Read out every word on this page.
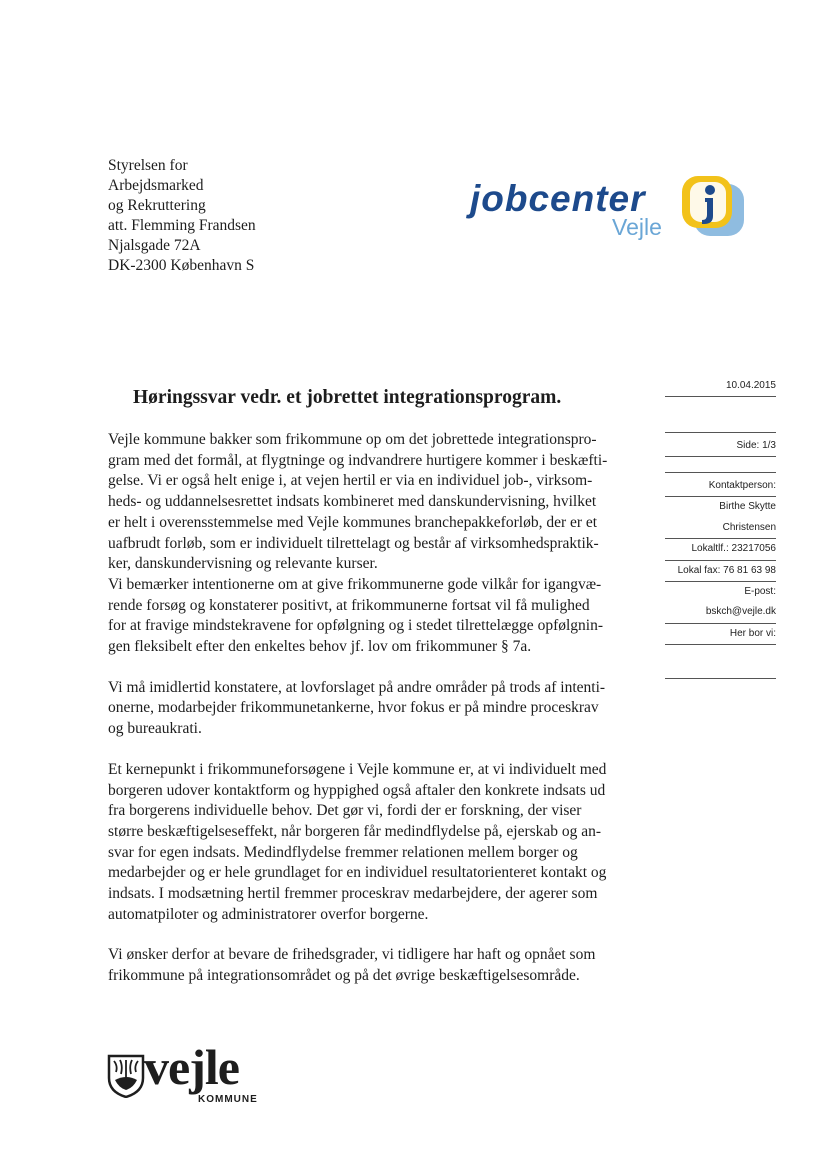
Styrelsen for
Arbejdsmarked
og Rekruttering
att. Flemming Frandsen
Njalsgade 72A
DK-2300 København S
jobcenter
Vejle
Høringssvar vedr. et jobrettet integrationsprogram.

Vejle kommune bakker som frikommune op om det jobrettede integrationspro-
gram med det formål, at flygtninge og indvandrere hurtigere kommer i beskæfti-
gelse. Vi er også helt enige i, at vejen hertil er via en individuel job-, virksom-
heds- og uddannelsesrettet indsats kombineret med danskundervisning, hvilket
er helt i overensstemmelse med Vejle kommunes branchepakkeforløb, der er et
uafbrudt forløb, som er individuelt tilrettelagt og består af virksomhedspraktik-
ker, danskundervisning og relevante kurser.

Vi bemærker intentionerne om at give frikommunerne gode vilkår for igangvæ-
rende forsøg og konstaterer positivt, at frikommunerne fortsat vil få mulighed
for at fravige mindstekravene for opfølgning og i stedet tilrettelægge opfølgnin-
gen fleksibelt efter den enkeltes behov jf. lov om frikommuner § 7a.

Vi må imidlertid konstatere, at lovforslaget på andre områder på trods af intenti-
onerne, modarbejder frikommunetankerne, hvor fokus er på mindre proceskrav
og bureaukrati.

Et kernepunkt i frikommuneforsøgene i Vejle kommune er, at vi individuelt med
borgeren udover kontaktform og hyppighed også aftaler den konkrete indsats ud
fra borgerens individuelle behov. Det gør vi, fordi der er forskning, der viser
større beskæftigelseseffekt, når borgeren får medindflydelse på, ejerskab og an-
svar for egen indsats. Medindflydelse fremmer relationen mellem borger og
medarbejder og er hele grundlaget for en individuel resultatorienteret kontakt og
indsats. I modsætning hertil fremmer proceskrav medarbejdere, der agerer som
automatpiloter og administratorer overfor borgerne.

Vi ønsker derfor at bevare de frihedsgrader, vi tidligere har haft og opnået som
frikommune på integrationsområdet og på det øvrige beskæftigelsesområde.

10.04.2015
Side: 1/3
Kontaktperson:
Birthe Skytte
Christensen
Lokaltlf.: 23217056
Lokal fax: 76 81 63 98
E-post:
bskch@vejle.dk
Her bor vi:
vejle
KOMMUNE
